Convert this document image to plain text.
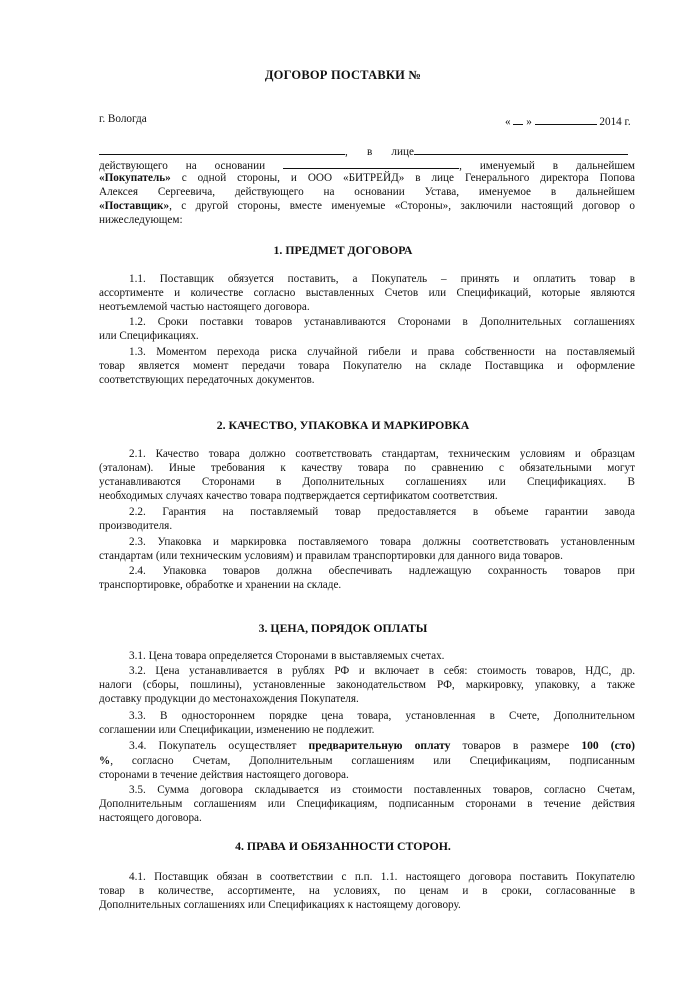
ДОГОВОР ПОСТАВКИ №
г. Вологда	« »	2014 г.
, в лице
действующего на основании	, именуемый в дальнейшем
«Покупатель» с одной стороны, и ООО «БИТРЕЙД» в лице Генерального директора Попова
Алексея Сергеевича, действующего на основании Устава, именуемое в дальнейшем
«Поставщик», с другой стороны, вместе именуемые «Стороны», заключили настоящий договор о
нижеследующем:
1. ПРЕДМЕТ ДОГОВОРА
1.1. Поставщик обязуется поставить, а Покупатель – принять и оплатить товар в
ассортименте и количестве согласно выставленных Счетов или Спецификаций, которые являются
неотъемлемой частью настоящего договора.
1.2. Сроки поставки товаров устанавливаются Сторонами в Дополнительных соглашениях
или Спецификациях.
1.3. Моментом перехода риска случайной гибели и права собственности на поставляемый
товар является момент передачи товара Покупателю на складе Поставщика и оформление
соответствующих передаточных документов.
2. КАЧЕСТВО, УПАКОВКА И МАРКИРОВКА
2.1. Качество товара должно соответствовать стандартам, техническим условиям и образцам
(эталонам). Иные требования к качеству товара по сравнению с обязательными могут
устанавливаются Сторонами в Дополнительных соглашениях или Спецификациях. В
необходимых случаях качество товара подтверждается сертификатом соответствия.
2.2. Гарантия на поставляемый товар предоставляется в объеме гарантии завода
производителя.
2.3. Упаковка и маркировка поставляемого товара должны соответствовать установленным
стандартам (или техническим условиям) и правилам транспортировки для данного вида товаров.
2.4. Упаковка товаров должна обеспечивать надлежащую сохранность товаров при
транспортировке, обработке и хранении на складе.
3. ЦЕНА, ПОРЯДОК ОПЛАТЫ
3.1. Цена товара определяется Сторонами в выставляемых счетах.
3.2. Цена устанавливается в рублях РФ и включает в себя: стоимость товаров, НДС, др.
налоги (сборы, пошлины), установленные законодательством РФ, маркировку, упаковку, а также
доставку продукции до местонахождения Покупателя.
3.3. В одностороннем порядке цена товара, установленная в Счете, Дополнительном
соглашении или Спецификации, изменению не подлежит.
3.4. Покупатель осуществляет предварительную оплату товаров в размере 100 (сто)
%, согласно Счетам, Дополнительным соглашениям или Спецификациям, подписанным
сторонами в течение действия настоящего договора.
3.5. Сумма договора складывается из стоимости поставленных товаров, согласно Счетам,
Дополнительным соглашениям или Спецификациям, подписанным сторонами в течение действия
настоящего договора.
4. ПРАВА И ОБЯЗАННОСТИ СТОРОН.
4.1. Поставщик обязан в соответствии с п.п. 1.1. настоящего договора поставить Покупателю
товар в количестве, ассортименте, на условиях, по ценам и в сроки, согласованные в
Дополнительных соглашениях или Спецификациях к настоящему договору.
